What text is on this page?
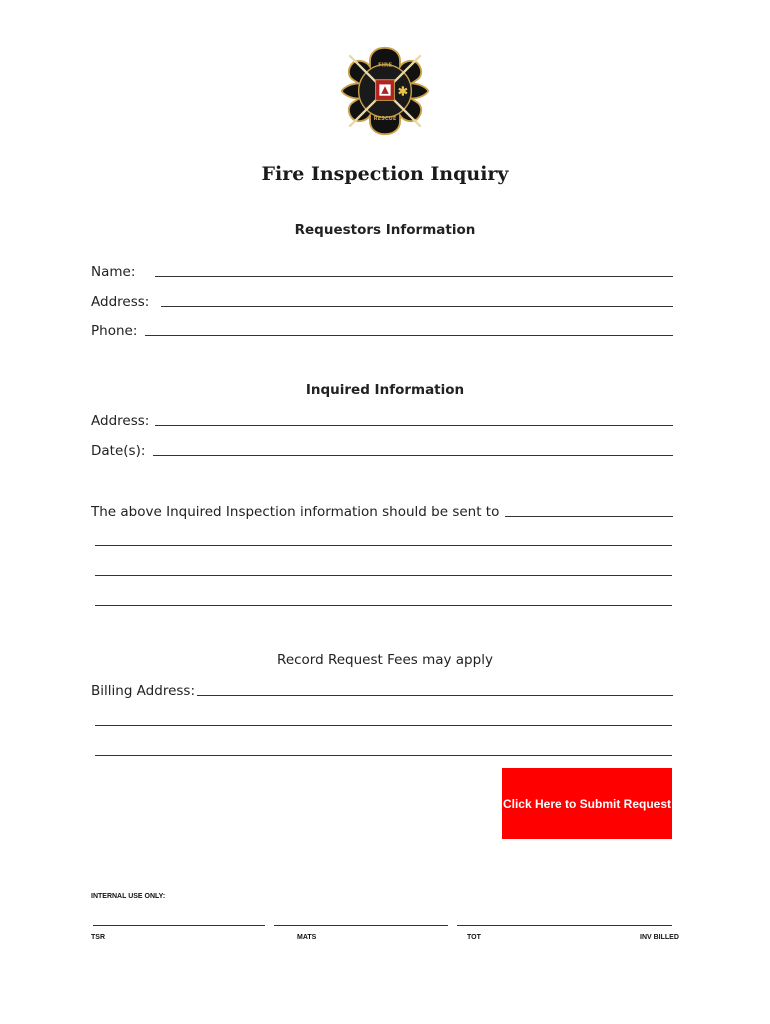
FIRE
RESCUE
Fire Inspection Inquiry
Requestors Information
Name:
Address:
Phone:
Inquired Information
Address:
Date(s):
The above Inquired Inspection information should be sent to
Record Request Fees may apply
Billing Address:
Click Here to Submit Request
INTERNAL USE ONLY:
TSR	MATS	TOT	INV BILLED
